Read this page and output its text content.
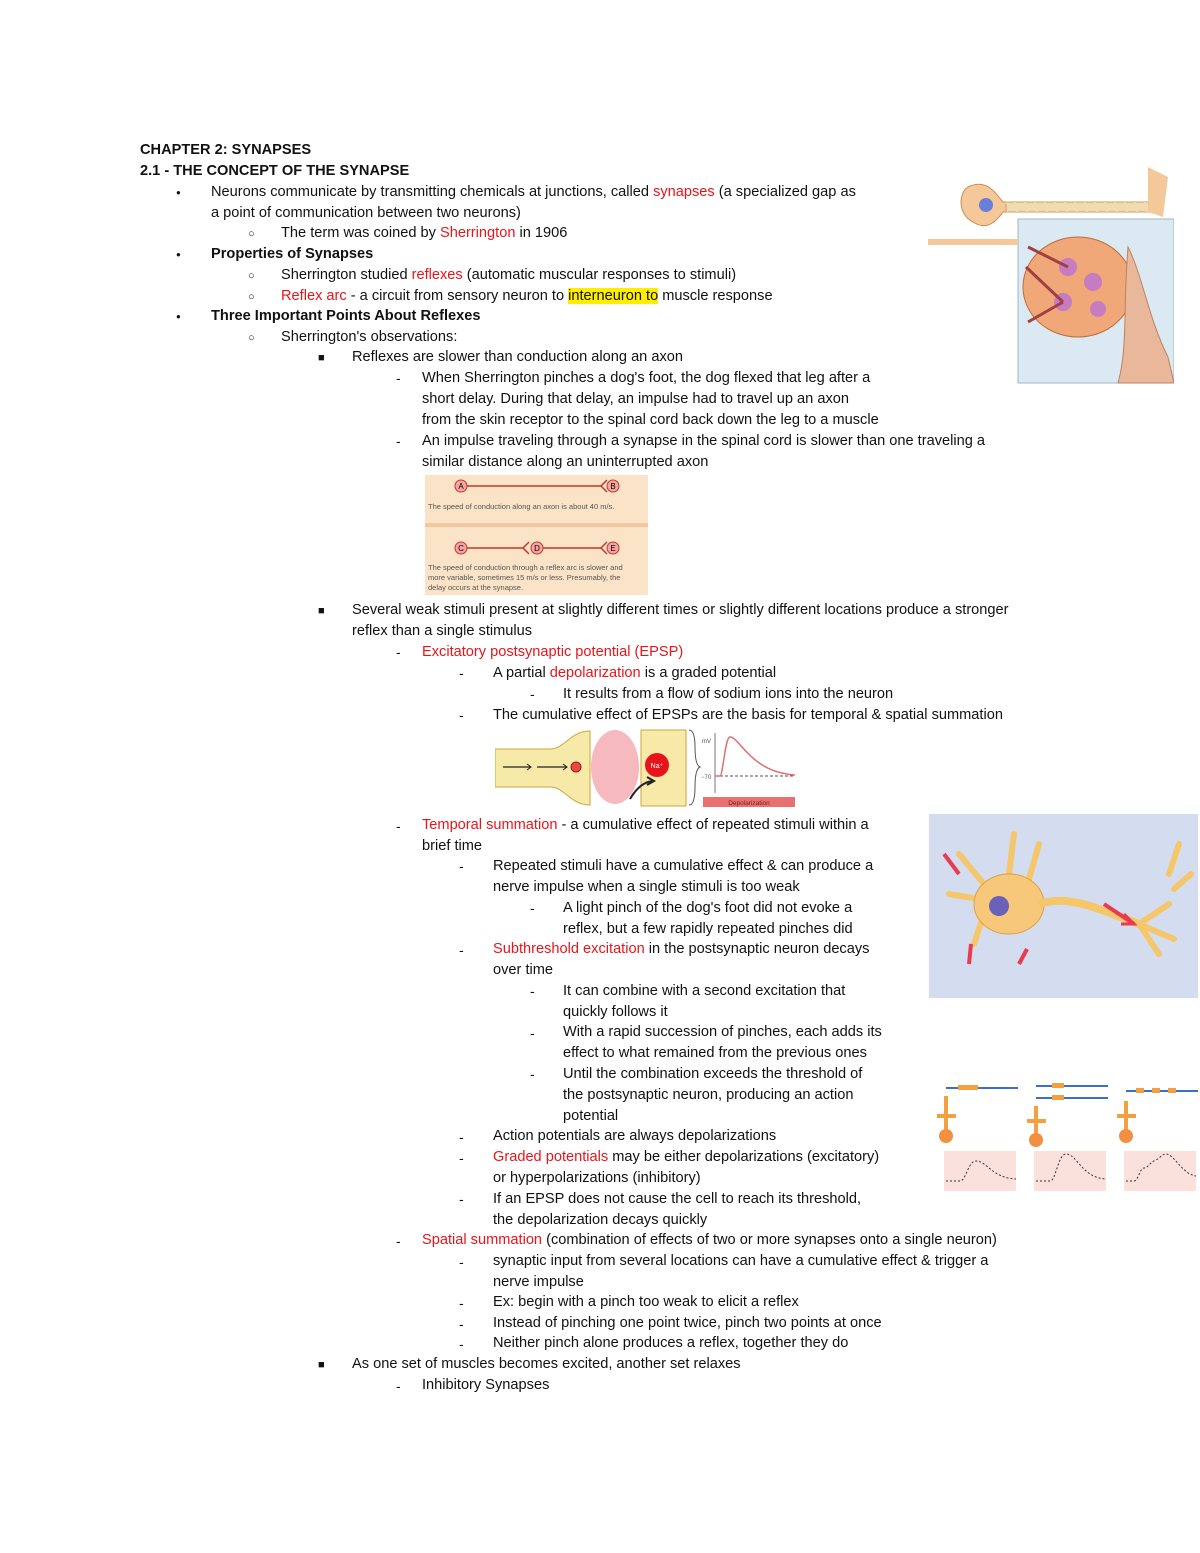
CHAPTER 2: SYNAPSES
2.1 - THE CONCEPT OF THE SYNAPSE
●
Neurons communicate by transmitting chemicals at junctions, called synapses (a specialized gap as
a point of communication between two neurons)
○ The term was coined by Sherrington in 1906
●
Properties of Synapses
○ Sherrington studied reflexes (automatic muscular responses to stimuli)
○ Reflex arc - a circuit from sensory neuron to interneuron to muscle response
●
Three Important Points About Reflexes
○ Sherrington's observations:
■ Reflexes are slower than conduction along an axon
- When Sherrington pinches a dog's foot, the dog flexed that leg after a
short delay. During that delay, an impulse had to travel up an axon
from the skin receptor to the spinal cord back down the leg to a muscle
- An impulse traveling through a synapse in the spinal cord is slower than one traveling a
similar distance along an uninterrupted axon
A	B
The speed of conduction along an axon is about 40 m/s.
C	D	E
The speed of conduction through a reflex arc is slower and
more variable, sometimes 15 m/s or less. Presumably, the
delay occurs at the synapse.
■ Several weak stimuli present at slightly different times or slightly different locations produce a stronger
reflex than a single stimulus
- Excitatory postsynaptic potential (EPSP)
- A partial depolarization is a graded potential
- It results from a flow of sodium ions into the neuron
- The cumulative effect of EPSPs are the basis for temporal & spatial summation
Na⁺
mV
−70
Depolarization
- Temporal summation - a cumulative effect of repeated stimuli within a
brief time
- Repeated stimuli have a cumulative effect & can produce a
nerve impulse when a single stimuli is too weak
- A light pinch of the dog's foot did not evoke a
reflex, but a few rapidly repeated pinches did
- Subthreshold excitation in the postsynaptic neuron decays
over time
- It can combine with a second excitation that
quickly follows it
- With a rapid succession of pinches, each adds its
effect to what remained from the previous ones
- Until the combination exceeds the threshold of
the postsynaptic neuron, producing an action
potential
- Action potentials are always depolarizations
- Graded potentials may be either depolarizations (excitatory)
or hyperpolarizations (inhibitory)
- If an EPSP does not cause the cell to reach its threshold,
the depolarization decays quickly
- Spatial summation (combination of effects of two or more synapses onto a single neuron)
- synaptic input from several locations can have a cumulative effect & trigger a
nerve impulse
- Ex: begin with a pinch too weak to elicit a reflex
- Instead of pinching one point twice, pinch two points at once
- Neither pinch alone produces a reflex, together they do
■ As one set of muscles becomes excited, another set relaxes
- Inhibitory Synapses
